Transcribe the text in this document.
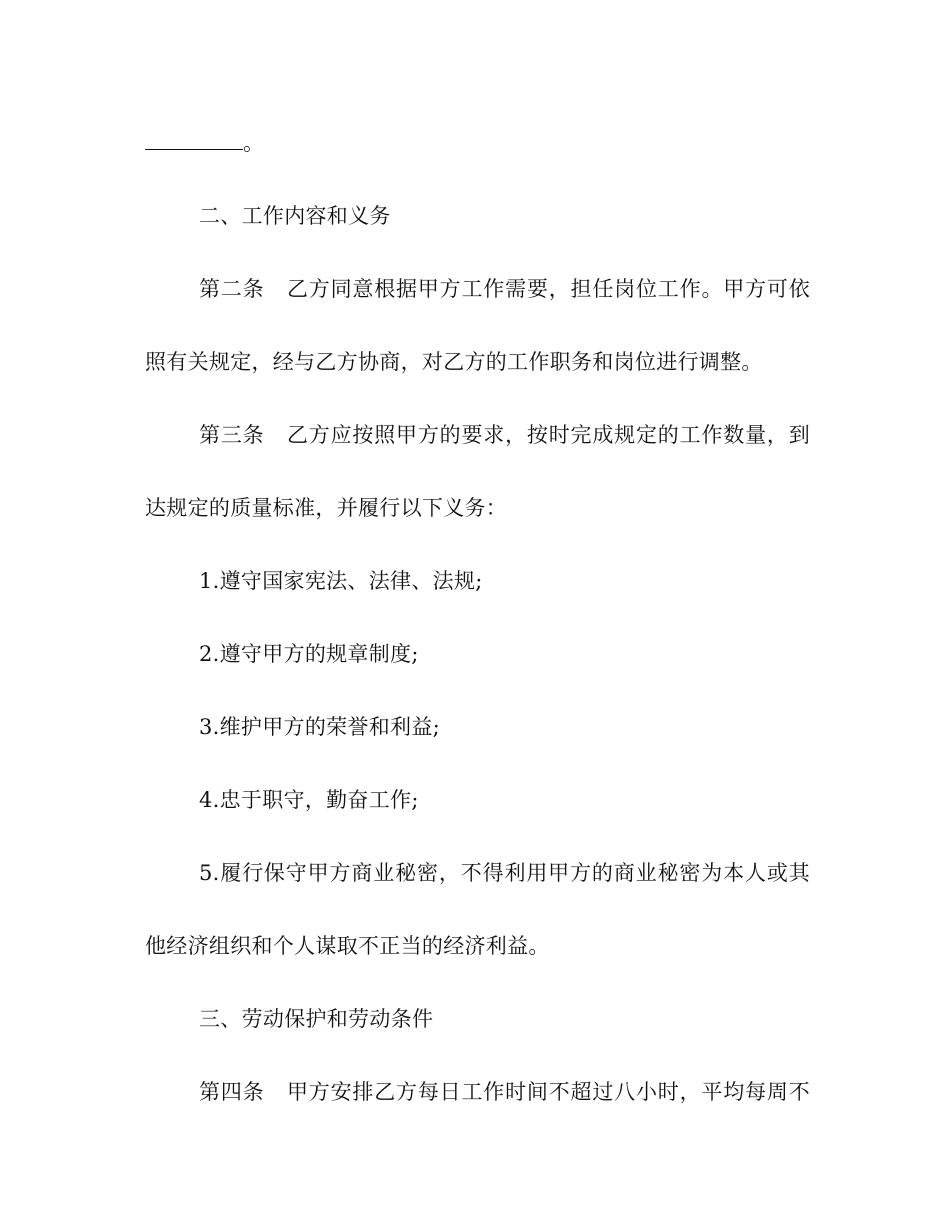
。
二、工作内容和义务
第二条 乙方同意根据甲方工作需要，担任岗位工作。甲方可依
照有关规定，经与乙方协商，对乙方的工作职务和岗位进行调整。
第三条 乙方应按照甲方的要求，按时完成规定的工作数量，到
达规定的质量标准，并履行以下义务：
1.遵守国家宪法、法律、法规;
2.遵守甲方的规章制度;
3.维护甲方的荣誉和利益;
4.忠于职守，勤奋工作;
5.履行保守甲方商业秘密，不得利用甲方的商业秘密为本人或其
他经济组织和个人谋取不正当的经济利益。
三、劳动保护和劳动条件
第四条 甲方安排乙方每日工作时间不超过八小时，平均每周不
